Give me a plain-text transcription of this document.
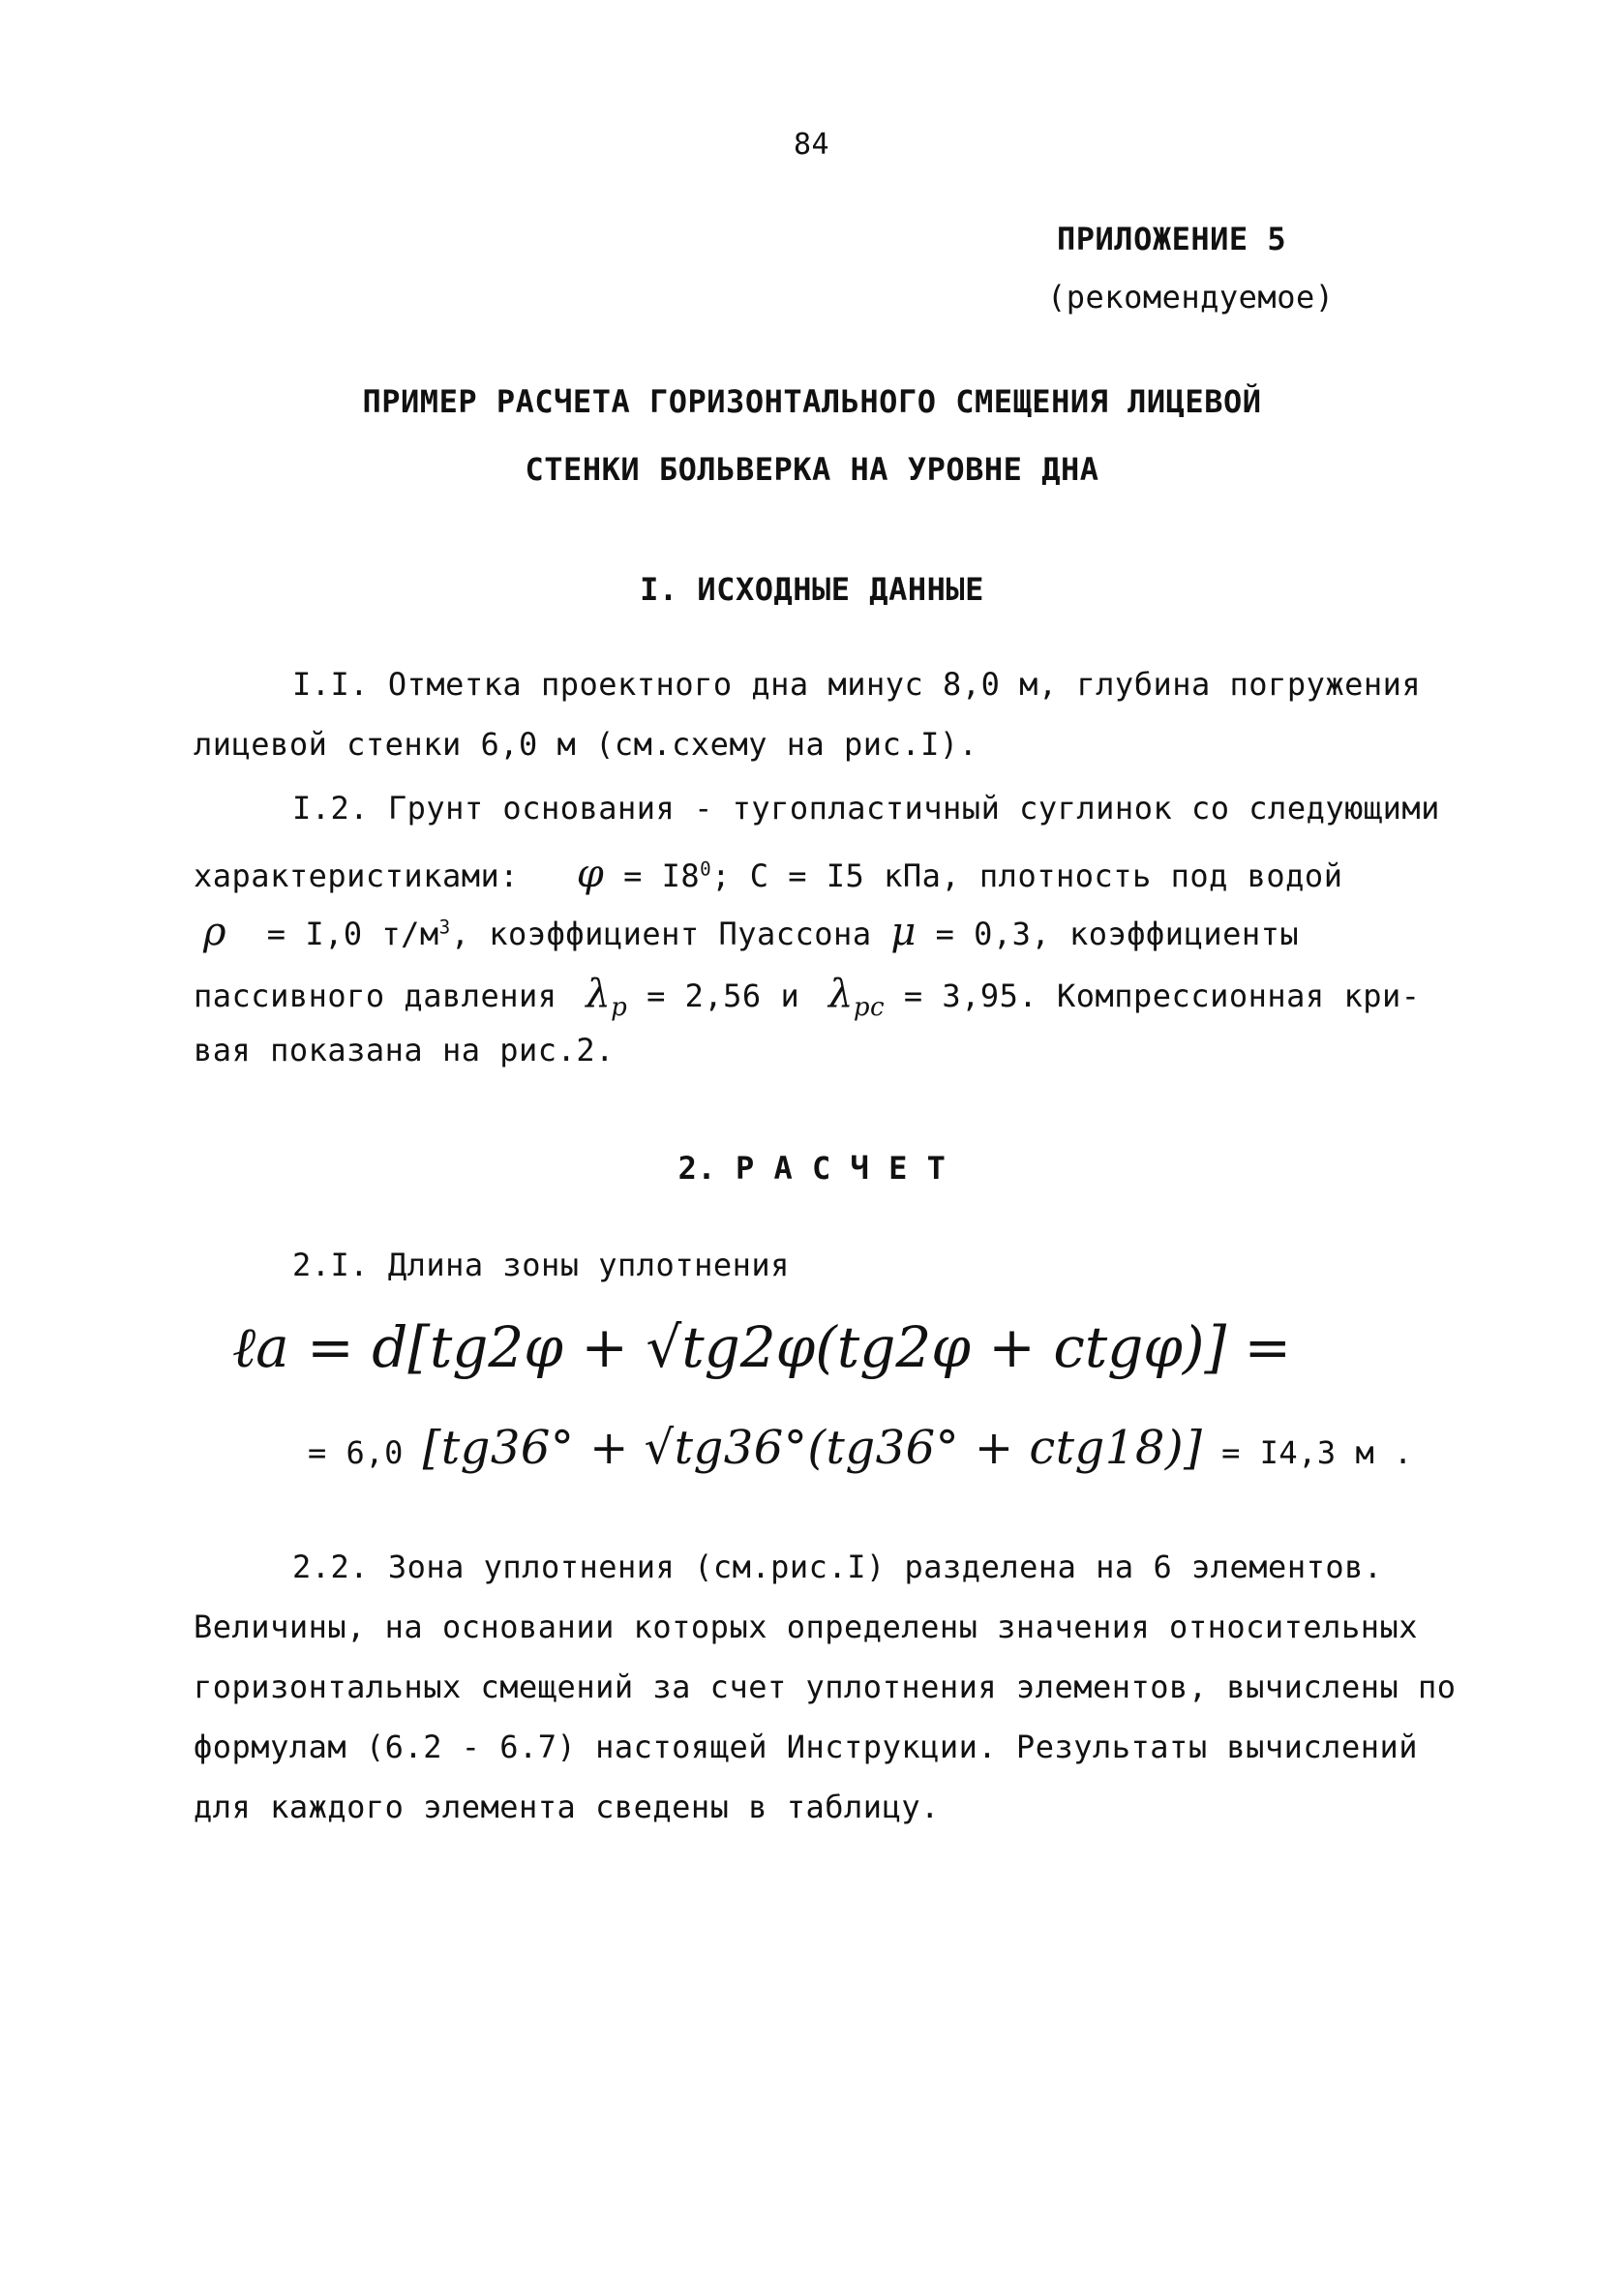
84
ПРИЛОЖЕНИЕ 5
(рекомендуемое)
ПРИМЕР РАСЧЕТА ГОРИЗОНТАЛЬНОГО СМЕЩЕНИЯ ЛИЦЕВОЙ
СТЕНКИ БОЛЬВЕРКА НА УРОВНЕ ДНА
I. ИСХОДНЫЕ ДАННЫЕ
I.I. Отметка проектного дна минус 8,0 м, глубина погружения
лицевой стенки 6,0 м (см.схему на рис.I).
I.2. Грунт основания - тугопластичный суглинок со следующими
характеристиками: $\varphi = I8^0$; C = I5 кПа, плотность под водой
ρ = I,0 $т/м^3$, коэффициент Пуассона μ = 0,3, коэффициенты
пассивного давления $\lambda_p = 2,56$ и $\lambda_{pc} = 3,95$. Компрессионная кри-
вая показана на рис.2.
2. Р А С Ч Е Т
2.I. Длина зоны уплотнения
ℓa = d[tg2φ + √tg2φ(tg2φ + ctgφ)] =
= 6,0 [tg36° + √tg36°(tg36° + ctg18)] = I4,3 м .
2.2. Зона уплотнения (см.рис.I) разделена на 6 элементов.
Величины, на основании которых определены значения относительных
горизонтальных смещений за счет уплотнения элементов, вычислены по
формулам (6.2 - 6.7) настоящей Инструкции. Результаты вычислений
для каждого элемента сведены в таблицу.
